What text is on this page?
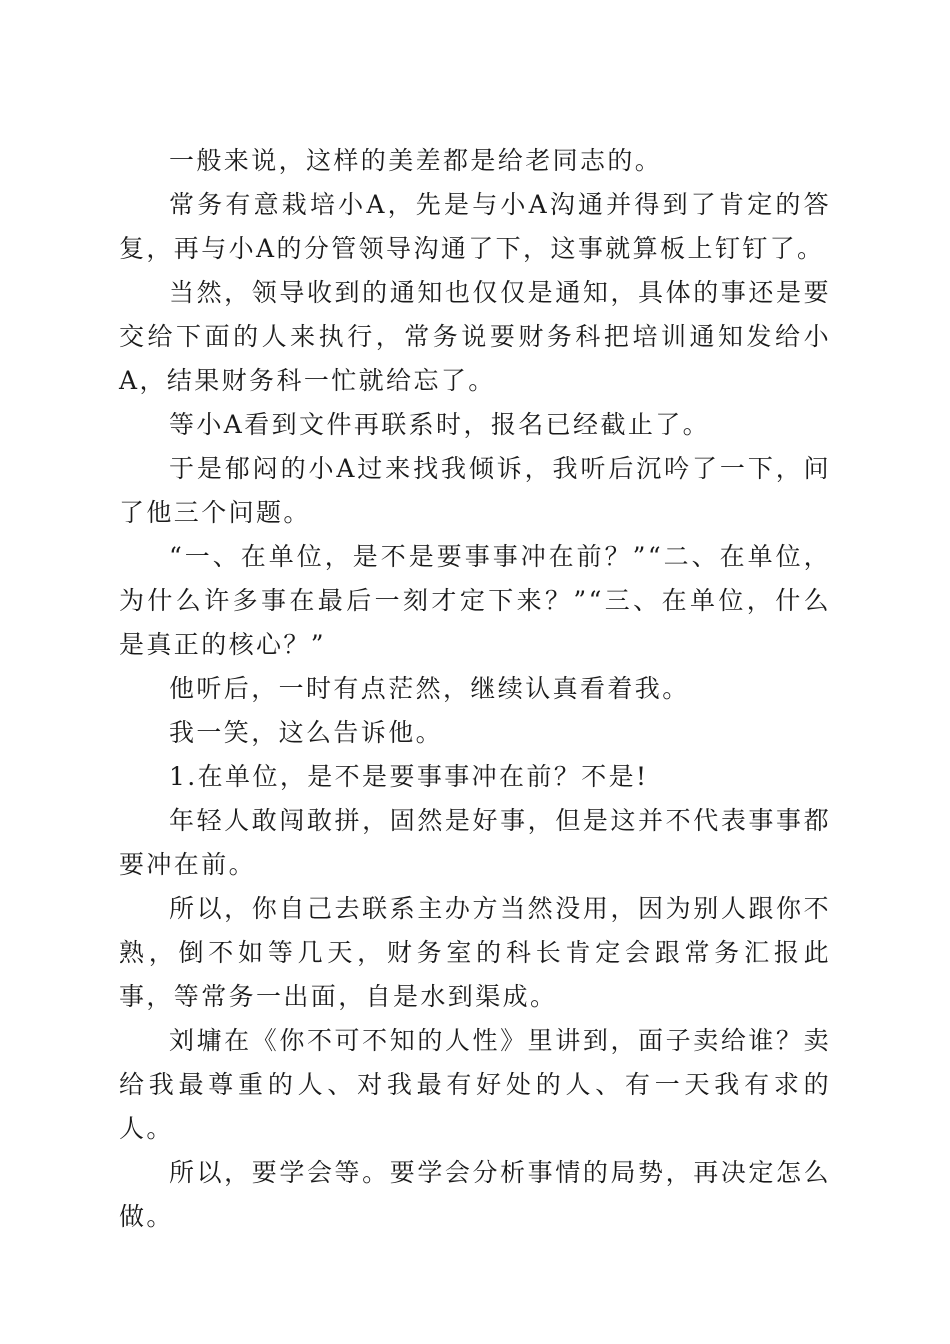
一般来说，这样的美差都是给老同志的。

常务有意栽培小A，先是与小A沟通并得到了肯定的答复，再与小A的分管领导沟通了下，这事就算板上钉钉了。

当然，领导收到的通知也仅仅是通知，具体的事还是要交给下面的人来执行，常务说要财务科把培训通知发给小A，结果财务科一忙就给忘了。

等小A看到文件再联系时，报名已经截止了。

于是郁闷的小A过来找我倾诉，我听后沉吟了一下，问了他三个问题。

“一、在单位，是不是要事事冲在前？”“二、在单位，为什么许多事在最后一刻才定下来？”“三、在单位，什么是真正的核心？”

他听后，一时有点茫然，继续认真看着我。

我一笑，这么告诉他。

1.在单位，是不是要事事冲在前？不是!

年轻人敢闯敢拼，固然是好事，但是这并不代表事事都要冲在前。

所以，你自己去联系主办方当然没用，因为别人跟你不熟，倒不如等几天，财务室的科长肯定会跟常务汇报此事，等常务一出面，自是水到渠成。

刘墉在《你不可不知的人性》里讲到，面子卖给谁？卖给我最尊重的人、对我最有好处的人、有一天我有求的人。

所以，要学会等。要学会分析事情的局势，再决定怎么做。
